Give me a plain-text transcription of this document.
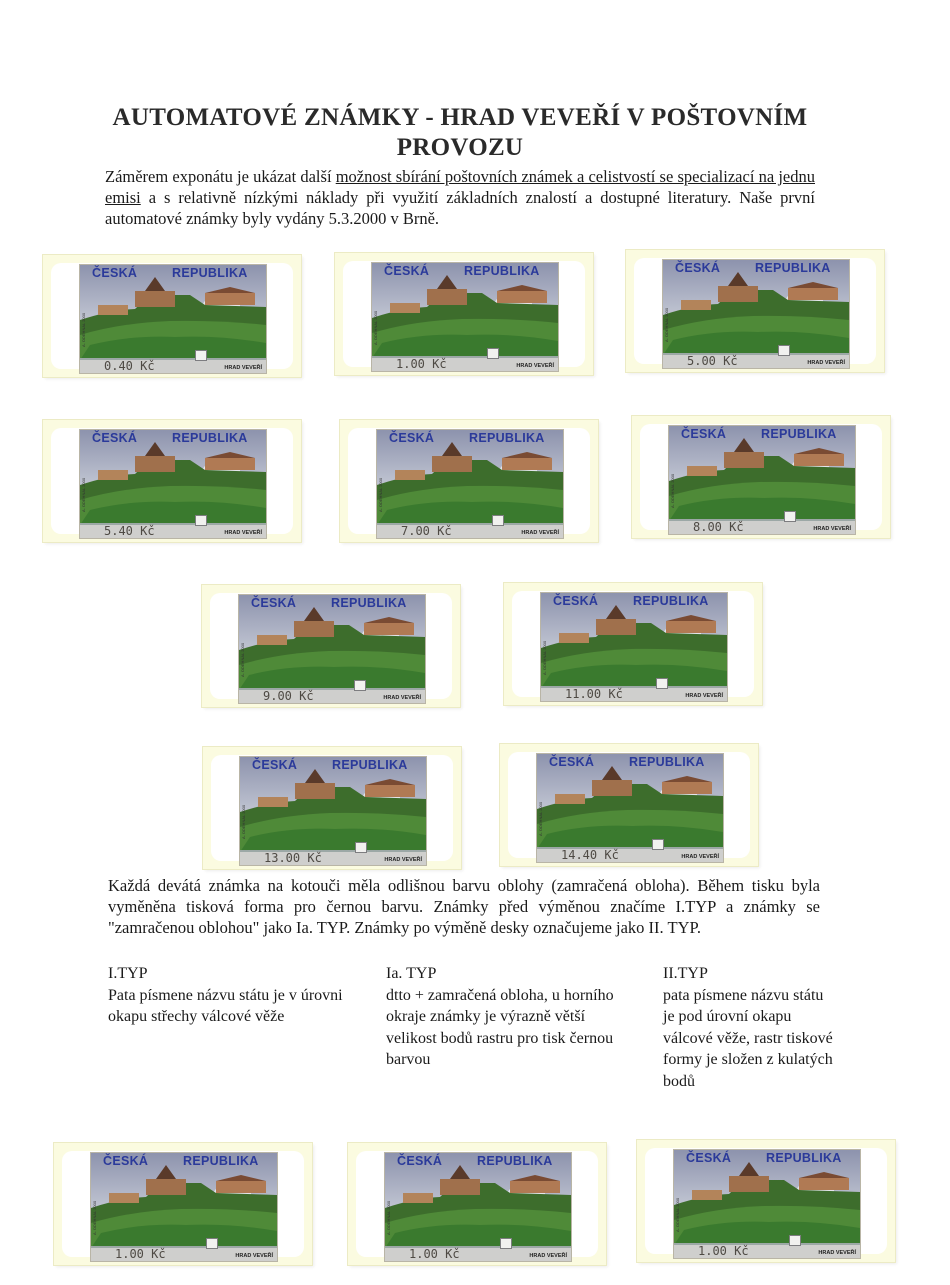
AUTOMATOVÉ ZNÁMKY - HRAD VEVEŘÍ V POŠTOVNÍM PROVOZU
Záměrem exponátu je ukázat další možnost sbírání poštovních známek a celistvostí se specializací na jednu emisi a s relativně nízkými náklady při využití základních znalostí a dostupné literatury. Naše první automatové známky byly vydány 5.3.2000 v Brně.
A. ODEHNAL 2000
ČESKÁ	REPUBLIKA
0.40 Kč	HRAD VEVEŘÍ
A. ODEHNAL 2000
ČESKÁ	REPUBLIKA
1.00 Kč	HRAD VEVEŘÍ
A. ODEHNAL 2000
ČESKÁ	REPUBLIKA
5.00 Kč	HRAD VEVEŘÍ
A. ODEHNAL 2000
ČESKÁ	REPUBLIKA
5.40 Kč	HRAD VEVEŘÍ
A. ODEHNAL 2000
ČESKÁ	REPUBLIKA
7.00 Kč	HRAD VEVEŘÍ
A. ODEHNAL 2000
ČESKÁ	REPUBLIKA
8.00 Kč	HRAD VEVEŘÍ
A. ODEHNAL 2000
ČESKÁ	REPUBLIKA
9.00 Kč	HRAD VEVEŘÍ
A. ODEHNAL 2000
ČESKÁ	REPUBLIKA
11.00 Kč	HRAD VEVEŘÍ
A. ODEHNAL 2000
ČESKÁ	REPUBLIKA
13.00 Kč	HRAD VEVEŘÍ
A. ODEHNAL 2000
ČESKÁ	REPUBLIKA
14.40 Kč	HRAD VEVEŘÍ
Každá devátá známka na kotouči měla odlišnou barvu oblohy (zamračená obloha). Během tisku byla vyměněna tisková forma pro černou barvu. Známky před výměnou značíme I.TYP a známky se "zamračenou oblohou" jako Ia. TYP. Známky po výměně desky označujeme jako II. TYP.
I.TYP
Pata písmene názvu státu je v úrovni okapu střechy válcové věže
Ia. TYP
dtto + zamračená obloha, u horního okraje známky je výrazně větší velikost bodů rastru pro tisk černou barvou
II.TYP
pata písmene názvu státu je pod úrovní okapu válcové věže, rastr tiskové formy je složen z kulatých bodů
A. ODEHNAL 2000
ČESKÁ	REPUBLIKA
1.00 Kč	HRAD VEVEŘÍ
A. ODEHNAL 2000
ČESKÁ	REPUBLIKA
1.00 Kč	HRAD VEVEŘÍ
A. ODEHNAL 2000
ČESKÁ	REPUBLIKA
1.00 Kč	HRAD VEVEŘÍ
